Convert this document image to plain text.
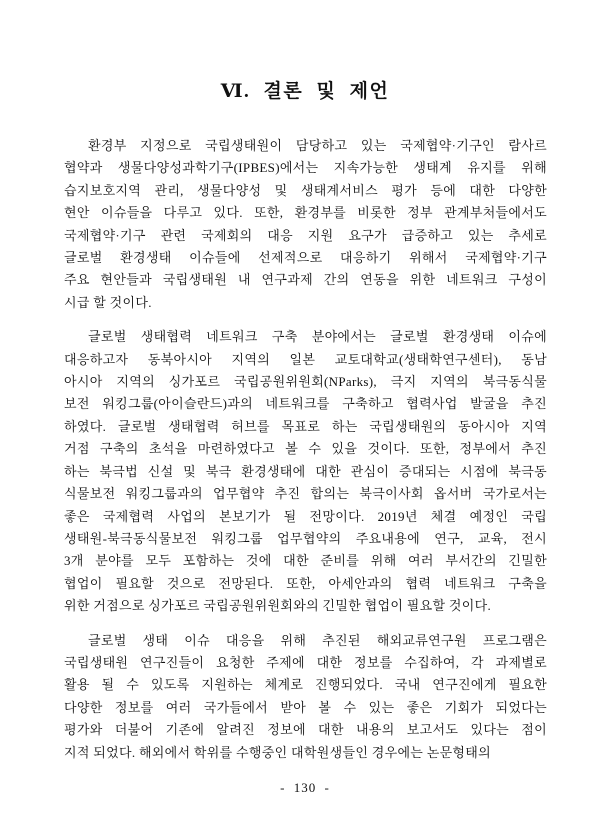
Ⅵ. 결론 및 제언
환경부 지정으로 국립생태원이 담당하고 있는 국제협약·기구인 람사르
협약과 생물다양성과학기구(IPBES)에서는 지속가능한 생태계 유지를 위해
습지보호지역 관리, 생물다양성 및 생태계서비스 평가 등에 대한 다양한
현안 이슈들을 다루고 있다. 또한, 환경부를 비롯한 정부 관계부처들에서도
국제협약·기구 관련 국제회의 대응 지원 요구가 급증하고 있는 추세로
글로벌 환경생태 이슈들에 선제적으로 대응하기 위해서 국제협약·기구
주요 현안들과 국립생태원 내 연구과제 간의 연동을 위한 네트워크 구성이
시급 할 것이다.
글로벌 생태협력 네트워크 구축 분야에서는 글로벌 환경생태 이슈에
대응하고자 동북아시아 지역의 일본 교토대학교(생태학연구센터), 동남
아시아 지역의 싱가포르 국립공원위원회(NParks), 극지 지역의 북극동식물
보전 워킹그룹(아이슬란드)과의 네트워크를 구축하고 협력사업 발굴을 추진
하였다. 글로벌 생태협력 허브를 목표로 하는 국립생태원의 동아시아 지역
거점 구축의 초석을 마련하였다고 볼 수 있을 것이다. 또한, 정부에서 추진
하는 북극법 신설 및 북극 환경생태에 대한 관심이 증대되는 시점에 북극동
식물보전 워킹그룹과의 업무협약 추진 합의는 북극이사회 옵서버 국가로서는
좋은 국제협력 사업의 본보기가 될 전망이다. 2019년 체결 예정인 국립
생태원-북극동식물보전 워킹그룹 업무협약의 주요내용에 연구, 교육, 전시
3개 분야를 모두 포함하는 것에 대한 준비를 위해 여러 부서간의 긴밀한
협업이 필요할 것으로 전망된다. 또한, 아세안과의 협력 네트워크 구축을
위한 거점으로 싱가포르 국립공원위원회와의 긴밀한 협업이 필요할 것이다.
글로벌 생태 이슈 대응을 위해 추진된 해외교류연구원 프로그램은
국립생태원 연구진들이 요청한 주제에 대한 정보를 수집하여, 각 과제별로
활용 될 수 있도록 지원하는 체계로 진행되었다. 국내 연구진에게 필요한
다양한 정보를 여러 국가들에서 받아 볼 수 있는 좋은 기회가 되었다는
평가와 더불어 기존에 알려진 정보에 대한 내용의 보고서도 있다는 점이
지적 되었다. 해외에서 학위를 수행중인 대학원생들인 경우에는 논문형태의
- 130 -
